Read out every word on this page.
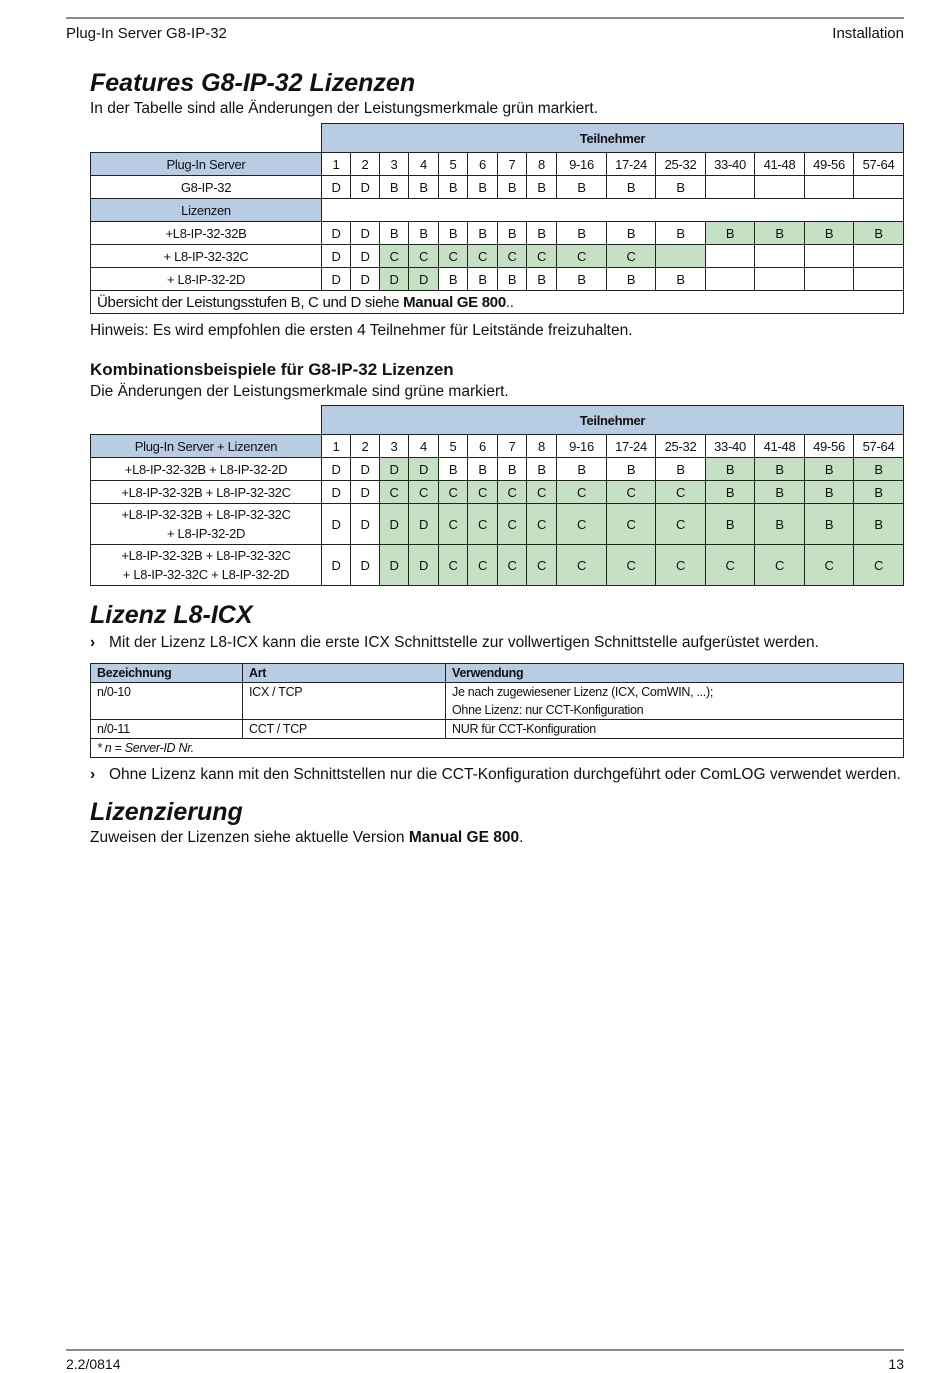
Plug-In Server G8-IP-32	Installation
Features G8-IP-32 Lizenzen

In der Tabelle sind alle Änderungen der Leistungsmerkmale grün markiert.

	Teilnehmer														
Plug-In Server	1	2	3	4	5	6	7	8	9-16	17-24	25-32	33-40	41-48	49-56	57-64
G8-IP-32	D	D	B	B	B	B	B	B	B	B	B				
Lizenzen															
+L8-IP-32-32B	D	D	B	B	B	B	B	B	B	B	B	B	B	B	B
+ L8-IP-32-32C	D	D	C	C	C	C	C	C	C	C					
+ L8-IP-32-2D	D	D	D	D	B	B	B	B	B	B	B				
Übersicht der Leistungsstufen B, C und D siehe Manual GE 800..															

Hinweis: Es wird empfohlen die ersten 4 Teilnehmer für Leitstände freizuhalten.

Kombinationsbeispiele für G8-IP-32 Lizenzen

Die Änderungen der Leistungsmerkmale sind grüne markiert.

	Teilnehmer														
Plug-In Server + Lizenzen	1	2	3	4	5	6	7	8	9-16	17-24	25-32	33-40	41-48	49-56	57-64

+L8-IP-32-32B + L8-IP-32-2D	D	D	D	D	B	B	B	B	B	B	B	B	B	B	B

+L8-IP-32-32B + L8-IP-32-32C	D	D	C	C	C	C	C	C	C	C	C	B	B	B	B

+L8-IP-32-32B + L8-IP-32-32C
+ L8-IP-32-2D	D	D	D	D	C	C	C	C	C	C	C	B	B	B	B

+L8-IP-32-32B + L8-IP-32-32C
+ L8-IP-32-32C + L8-IP-32-2D	D	D	D	D	C	C	C	C	C	C	C	C	C	C	C
Lizenz L8-ICX
› Mit der Lizenz L8-ICX kann die erste ICX Schnittstelle zur vollwertigen Schnittstelle aufgerüstet werden.
Bezeichnung	Art	Verwendung
n/0-10	ICX / TCP	Je nach zugewiesener Lizenz (ICX, ComWIN, ...);
Ohne Lizenz: nur CCT-Konfiguration

n/0-11	CCT / TCP	NUR für CCT-Konfiguration
* n = Server-ID Nr.		
› Ohne Lizenz kann mit den Schnittstellen nur die CCT-Konfiguration durchgeführt oder ComLOG verwendet werden.
Lizenzierung

Zuweisen der Lizenzen siehe aktuelle Version Manual GE 800.

2.2/0814	13
